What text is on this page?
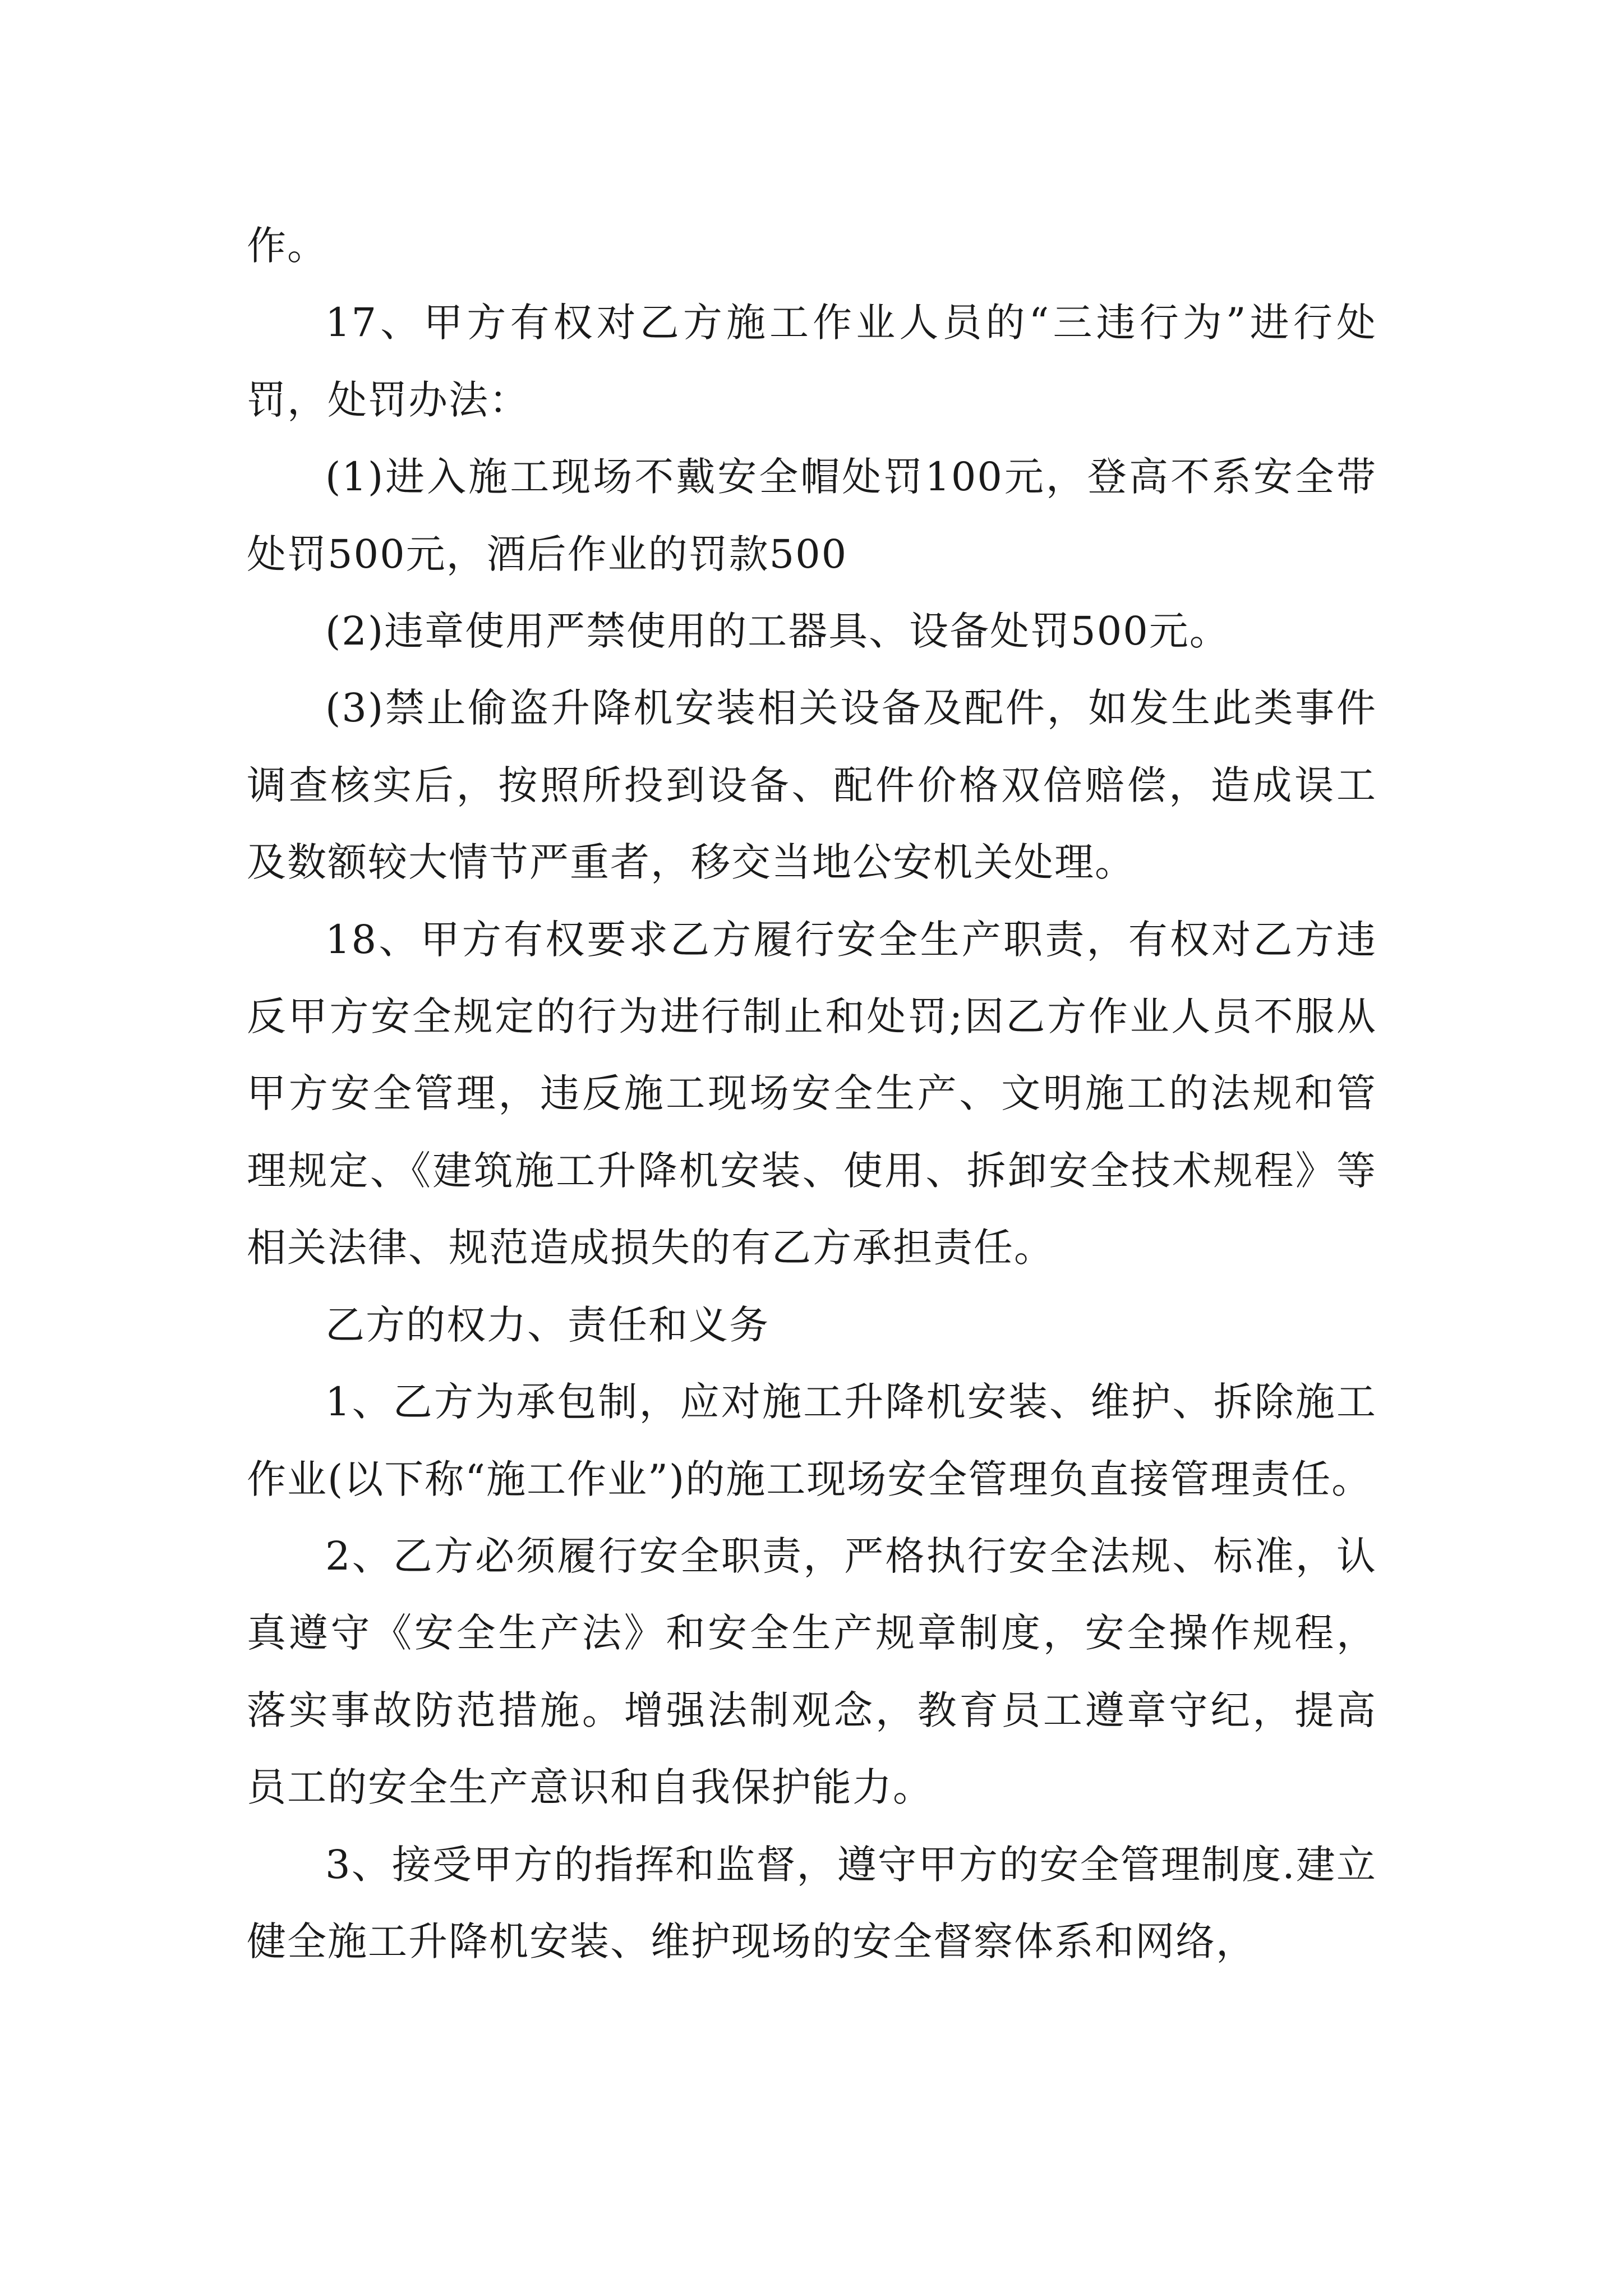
作。

17、甲方有权对乙方施工作业人员的“三违行为”进行处罚，处罚办法：

(1)进入施工现场不戴安全帽处罚100元，登高不系安全带处罚500元，酒后作业的罚款500

(2)违章使用严禁使用的工器具、设备处罚500元。

(3)禁止偷盗升降机安装相关设备及配件，如发生此类事件调查核实后，按照所投到设备、配件价格双倍赔偿，造成误工及数额较大情节严重者，移交当地公安机关处理。

18、甲方有权要求乙方履行安全生产职责，有权对乙方违反甲方安全规定的行为进行制止和处罚;因乙方作业人员不服从甲方安全管理，违反施工现场安全生产、文明施工的法规和管理规定、《建筑施工升降机安装、使用、拆卸安全技术规程》等相关法律、规范造成损失的有乙方承担责任。

乙方的权力、责任和义务

1、乙方为承包制，应对施工升降机安装、维护、拆除施工作业(以下称“施工作业”)的施工现场安全管理负直接管理责任。

2、乙方必须履行安全职责，严格执行安全法规、标准，认真遵守《安全生产法》和安全生产规章制度，安全操作规程，落实事故防范措施。增强法制观念，教育员工遵章守纪，提高员工的安全生产意识和自我保护能力。

3、接受甲方的指挥和监督，遵守甲方的安全管理制度.建立健全施工升降机安装、维护现场的安全督察体系和网络，
